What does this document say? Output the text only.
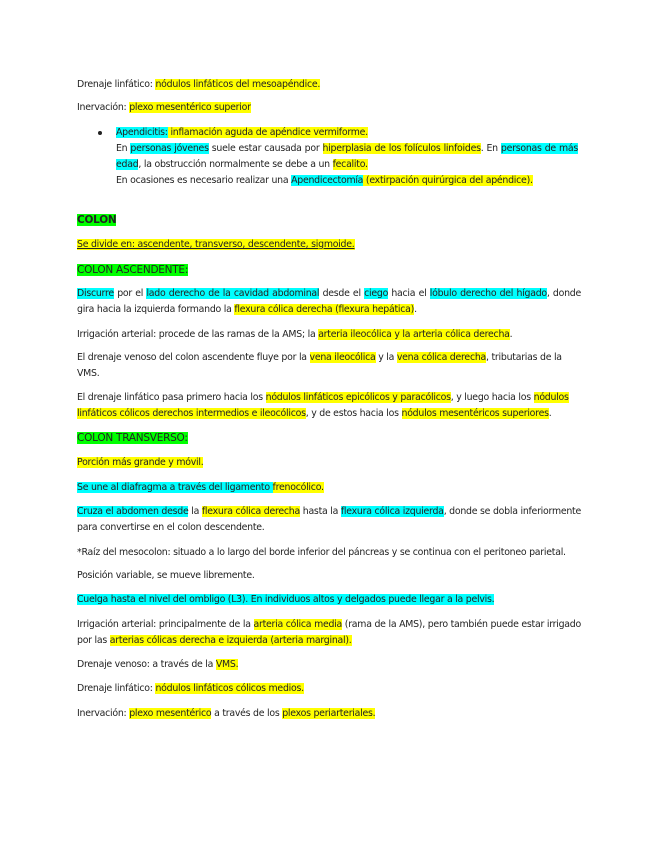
Drenaje linfático: nódulos linfáticos del mesoapéndice.

Inervación: plexo mesentérico superior

Apendicitis: inflamación aguda de apéndice vermiforme.
En personas jóvenes suele estar causada por hiperplasia de los folículos linfoides. En personas de más edad, la obstrucción normalmente se debe a un fecalito.
En ocasiones es necesario realizar una Apendicectomía (extirpación quirúrgica del apéndice).

COLON

Se divide en: ascendente, transverso, descendente, sigmoide.

COLON ASCENDENTE:

Discurre por el lado derecho de la cavidad abdominal desde el ciego hacia el lóbulo derecho del hígado, donde gira hacia la izquierda formando la flexura cólica derecha (flexura hepática).

Irrigación arterial: procede de las ramas de la AMS; la arteria ileocólica y la arteria cólica derecha.

El drenaje venoso del colon ascendente fluye por la vena ileocólica y la vena cólica derecha, tributarias de la VMS.

El drenaje linfático pasa primero hacia los nódulos linfáticos epicólicos y paracólicos, y luego hacia los nódulos linfáticos cólicos derechos intermedios e ileocólicos, y de estos hacia los nódulos mesentéricos superiores.

COLON TRANSVERSO:

Porción más grande y móvil.

Se une al diafragma a través del ligamento frenocólico.

Cruza el abdomen desde la flexura cólica derecha hasta la flexura cólica izquierda, donde se dobla inferiormente para convertirse en el colon descendente.

*Raíz del mesocolon: situado a lo largo del borde inferior del páncreas y se continua con el peritoneo parietal.

Posición variable, se mueve libremente.

Cuelga hasta el nivel del ombligo (L3). En individuos altos y delgados puede llegar a la pelvis.

Irrigación arterial: principalmente de la arteria cólica media (rama de la AMS), pero también puede estar irrigado por las arterias cólicas derecha e izquierda (arteria marginal).

Drenaje venoso: a través de la VMS.

Drenaje linfático: nódulos linfáticos cólicos medios.

Inervación: plexo mesentérico a través de los plexos periarteriales.
